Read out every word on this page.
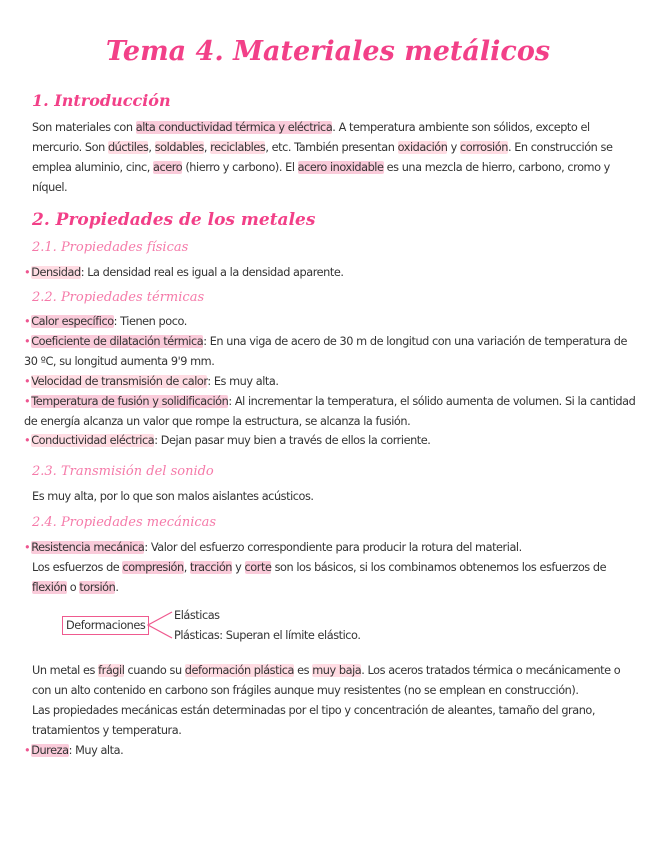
Tema 4. Materiales metálicos
1. Introducción

Son materiales con alta conductividad térmica y eléctrica. A temperatura ambiente son sólidos, excepto el mercurio. Son dúctiles, soldables, reciclables, etc. También presentan oxidación y corrosión. En construcción se emplea aluminio, cinc, acero (hierro y carbono). El acero inoxidable es una mezcla de hierro, carbono, cromo y níquel.

2. Propiedades de los metales
2.1. Propiedades físicas

•Densidad: La densidad real es igual a la densidad aparente.

2.2. Propiedades térmicas

•Calor específico: Tienen poco.

•Coeficiente de dilatación térmica: En una viga de acero de 30 m de longitud con una variación de temperatura de 30 ºC, su longitud aumenta 9'9 mm.

•Velocidad de transmisión de calor: Es muy alta.

•Temperatura de fusión y solidificación: Al incrementar la temperatura, el sólido aumenta de volumen. Si la cantidad de energía alcanza un valor que rompe la estructura, se alcanza la fusión.

•Conductividad eléctrica: Dejan pasar muy bien a través de ellos la corriente.

2.3. Transmisión del sonido

Es muy alta, por lo que son malos aislantes acústicos.

2.4. Propiedades mecánicas

•Resistencia mecánica: Valor del esfuerzo correspondiente para producir la rotura del material.

Los esfuerzos de compresión, tracción y corte son los básicos, si los combinamos obtenemos los esfuerzos de flexión o torsión.

Deformaciones
Elásticas
Plásticas: Superan el límite elástico.

Un metal es frágil cuando su deformación plástica es muy baja. Los aceros tratados térmica o mecánicamente o con un alto contenido en carbono son frágiles aunque muy resistentes (no se emplean en construcción).

Las propiedades mecánicas están determinadas por el tipo y concentración de aleantes, tamaño del grano, tratamientos y temperatura.

•Dureza: Muy alta.
